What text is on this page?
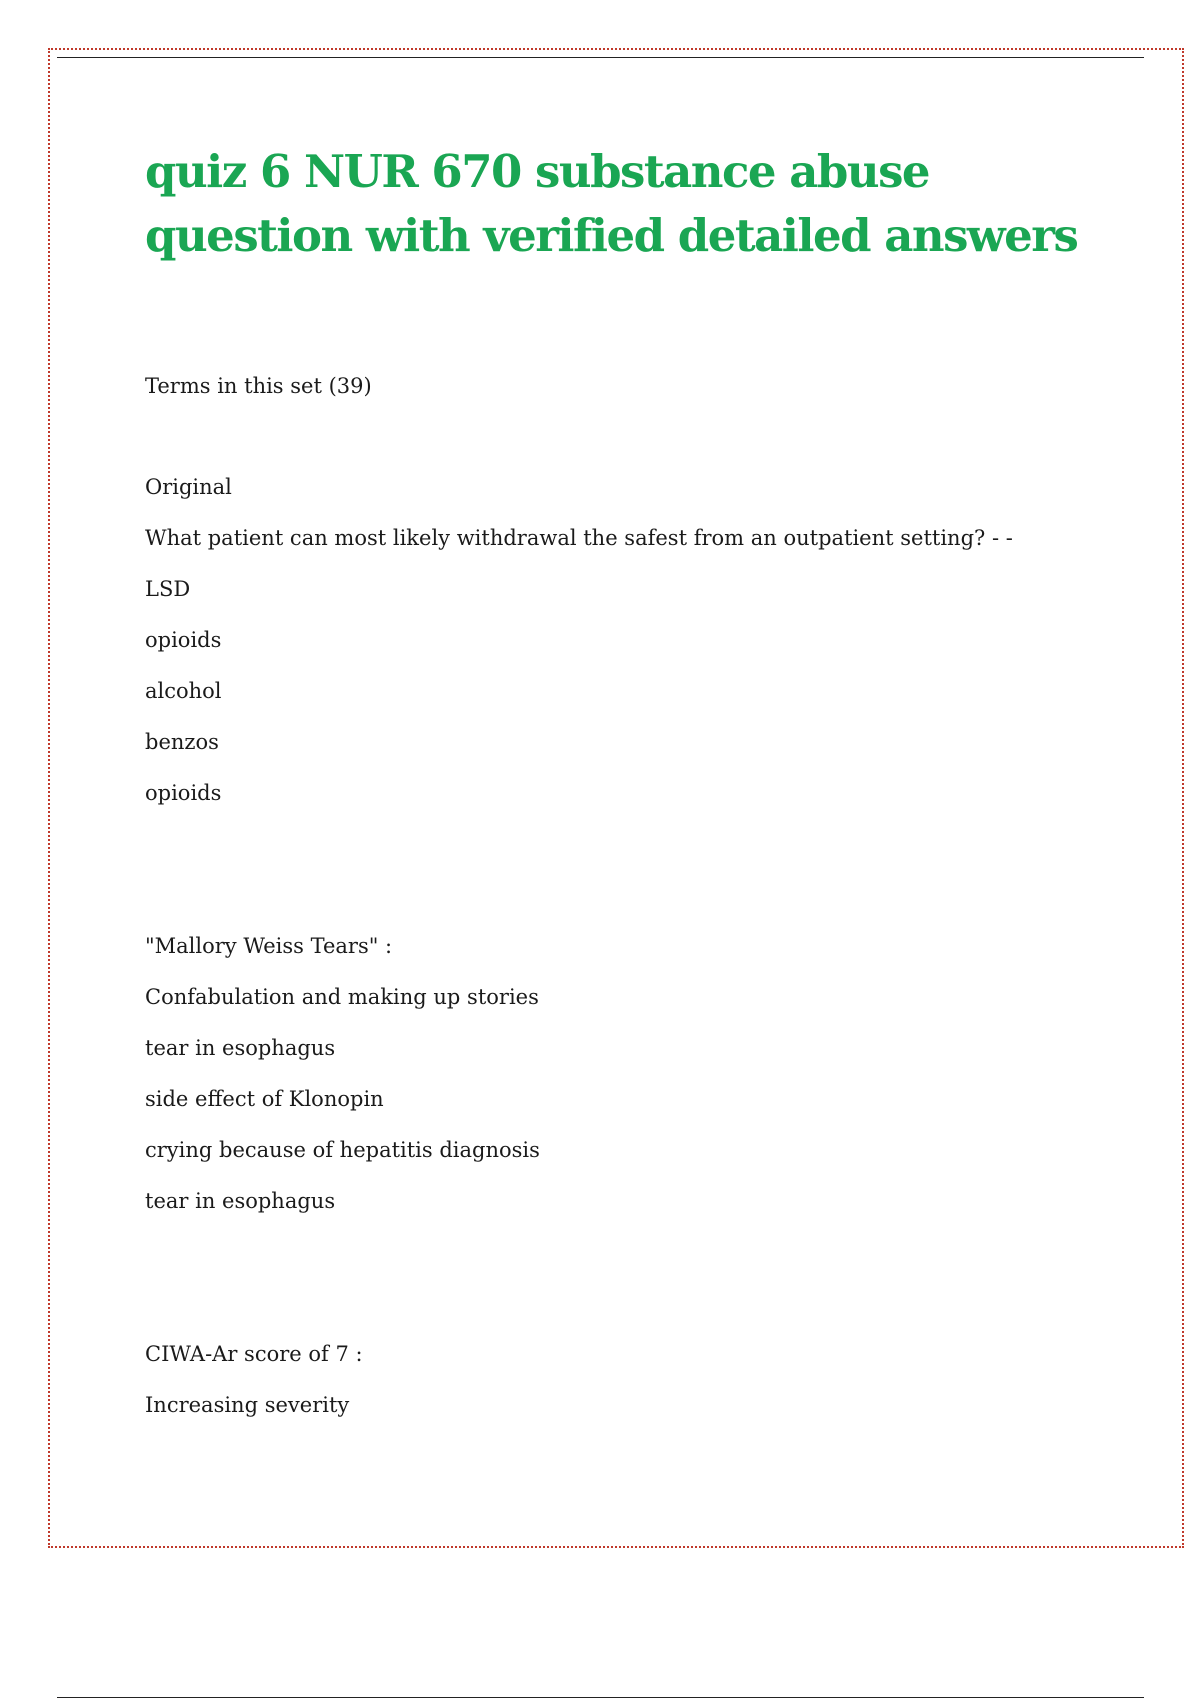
quiz 6 NUR 670 substance abuse question with verified detailed answers

Terms in this set (39)

Original

What patient can most likely withdrawal the safest from an outpatient setting? - -

LSD

opioids

alcohol

benzos

opioids

"Mallory Weiss Tears" :

Confabulation and making up stories

tear in esophagus

side effect of Klonopin

crying because of hepatitis diagnosis

tear in esophagus

CIWA-Ar score of 7 :

Increasing severity
